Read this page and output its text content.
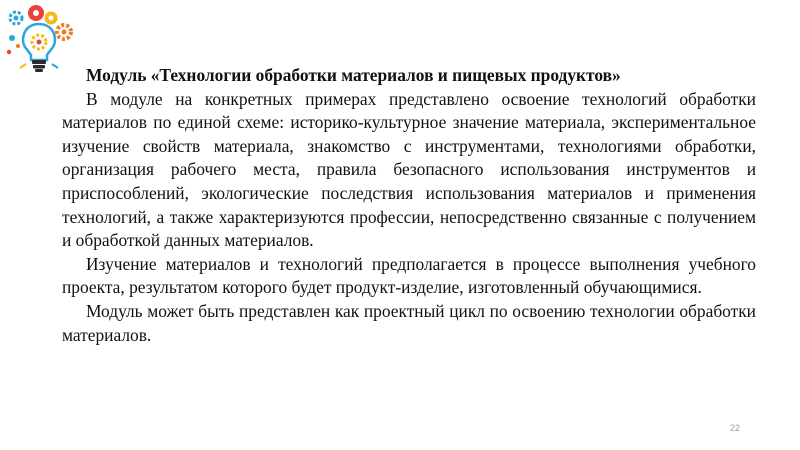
Модуль «Технологии обработки материалов и пищевых продуктов»

В модуле на конкретных примерах представлено освоение технологий обработки материалов по единой схеме: историко-культурное значение материала, экспериментальное изучение свойств материала, знакомство с инструментами, технологиями обработки, организация рабочего места, правила безопасного использования инструментов и приспособлений, экологические последствия использования материалов и применения технологий, а также характеризуются профессии, непосредственно связанные с получением и обработкой данных материалов.

Изучение материалов и технологий предполагается в процессе выполнения учебного проекта, результатом которого будет продукт-изделие, изготовленный обучающимися.

Модуль может быть представлен как проектный цикл по освоению технологии обработки материалов.

22
